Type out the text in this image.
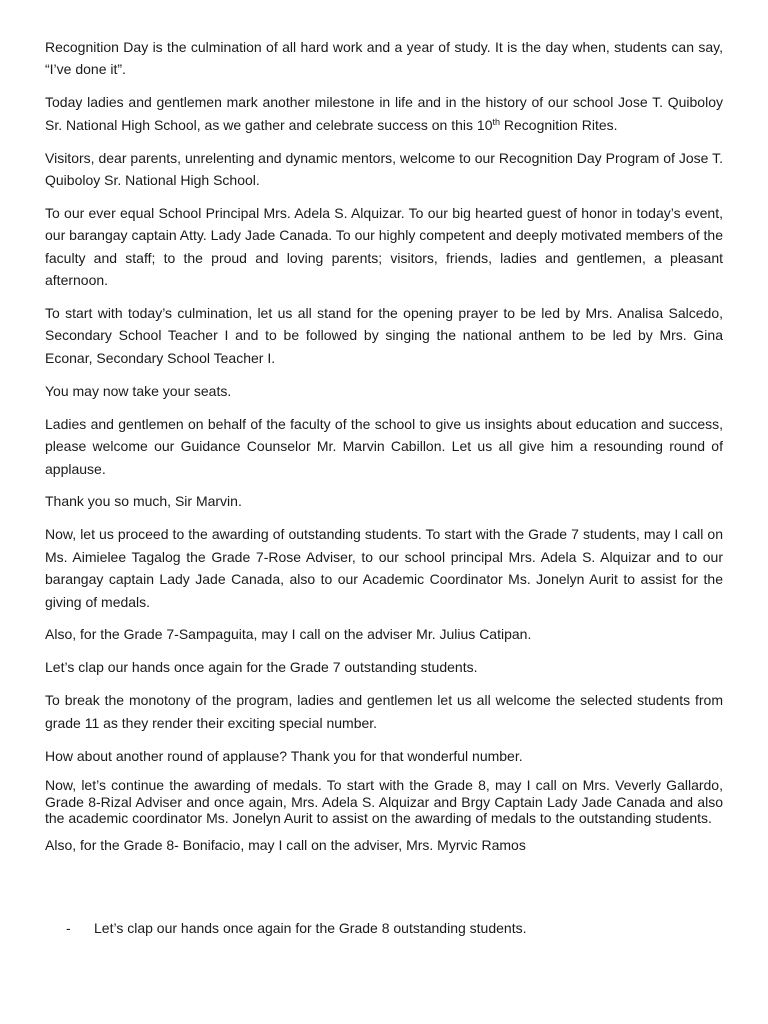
Recognition Day is the culmination of all hard work and a year of study. It is the day when, students can say, “I’ve done it”.

Today ladies and gentlemen mark another milestone in life and in the history of our school Jose T. Quiboloy Sr. National High School, as we gather and celebrate success on this 10th Recognition Rites.

Visitors, dear parents, unrelenting and dynamic mentors, welcome to our Recognition Day Program of Jose T. Quiboloy Sr. National High School.

To our ever equal School Principal Mrs. Adela S. Alquizar. To our big hearted guest of honor in today’s event, our barangay captain Atty. Lady Jade Canada. To our highly competent and deeply motivated members of the faculty and staff; to the proud and loving parents; visitors, friends, ladies and gentlemen, a pleasant afternoon.

To start with today’s culmination, let us all stand for the opening prayer to be led by Mrs. Analisa Salcedo, Secondary School Teacher I and to be followed by singing the national anthem to be led by Mrs. Gina Econar, Secondary School Teacher I.

You may now take your seats.

Ladies and gentlemen on behalf of the faculty of the school to give us insights about education and success, please welcome our Guidance Counselor Mr. Marvin Cabillon. Let us all give him a resounding round of applause.

Thank you so much, Sir Marvin.

Now, let us proceed to the awarding of outstanding students. To start with the Grade 7 students, may I call on Ms. Aimielee Tagalog the Grade 7-Rose Adviser, to our school principal Mrs. Adela S. Alquizar and to our barangay captain Lady Jade Canada, also to our Academic Coordinator Ms. Jonelyn Aurit to assist for the giving of medals.

Also, for the Grade 7-Sampaguita, may I call on the adviser Mr. Julius Catipan.

Let’s clap our hands once again for the Grade 7 outstanding students.

To break the monotony of the program, ladies and gentlemen let us all welcome the selected students from grade 11 as they render their exciting special number.

How about another round of applause? Thank you for that wonderful number.

Now, let’s continue the awarding of medals. To start with the Grade 8, may I call on Mrs. Veverly Gallardo, Grade 8-Rizal Adviser and once again, Mrs. Adela S. Alquizar and Brgy Captain Lady Jade Canada and also the academic coordinator Ms. Jonelyn Aurit to assist on the awarding of medals to the outstanding students.

Also, for the Grade 8- Bonifacio, may I call on the adviser, Mrs. Myrvic Ramos

-	Let’s clap our hands once again for the Grade 8 outstanding students.
